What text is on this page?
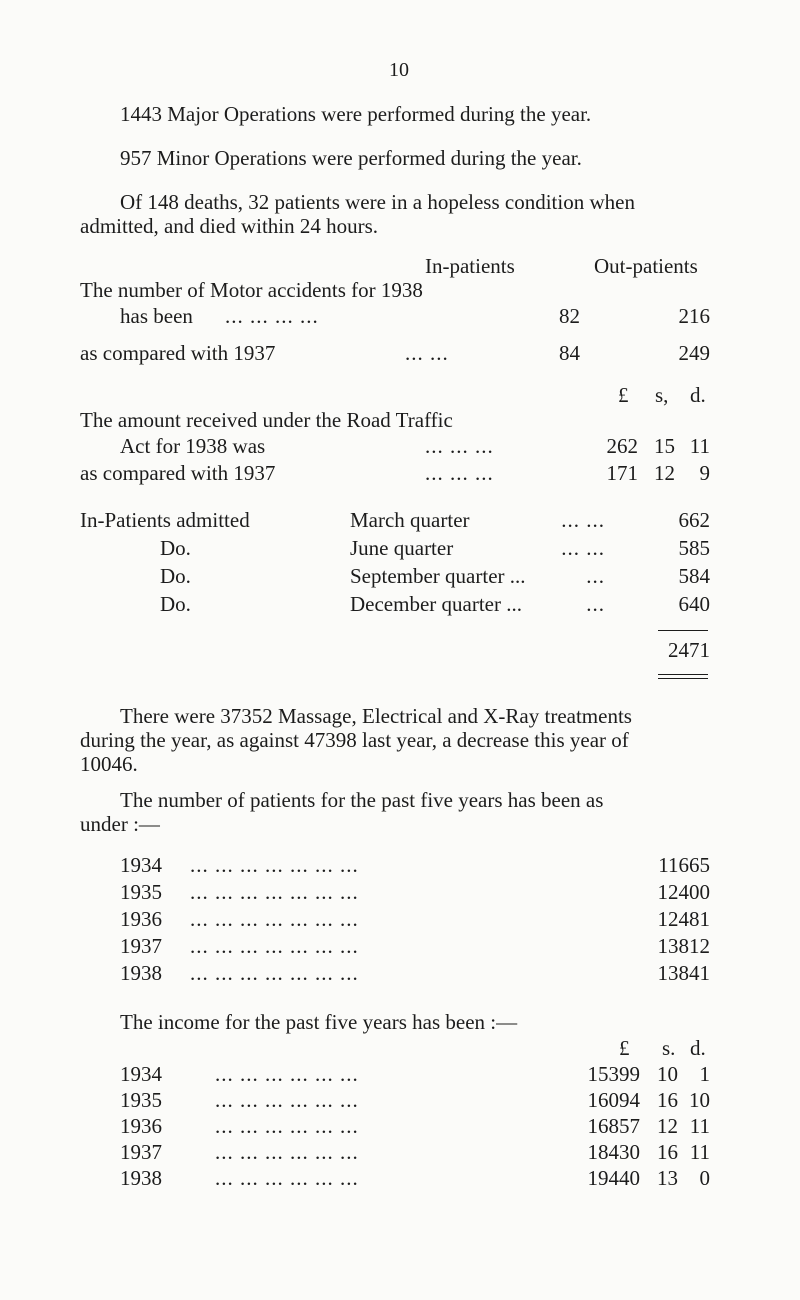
10
1443 Major Operations were performed during the year.
957 Minor Operations were performed during the year.
Of 148 deaths, 32 patients were in a hopeless condition when
admitted, and died within 24 hours.
In-patients	Out-patients
The number of Motor accidents for 1938
has been ... ... ... ...	82	216
as compared with 1937	... ...	84	249
£ s, d.
The amount received under the Road Traffic
Act for 1938 was	... ... ...	262 15 11
as compared with 1937	... ... ...	171 12	9
In-Patients admitted	March quarter	... ...	662
Do.	June quarter	... ...	585
Do.	September quarter ...	...	584
Do.	December quarter ...	...	640
2471
There were 37352 Massage, Electrical and X-Ray treatments
during the year, as against 47398 last year, a decrease this year of
10046.
The number of patients for the past five years has been as
under :—
1934 ... ... ... ... ... ... ...	11665
1935 ... ... ... ... ... ... ...	12400
1936 ... ... ... ... ... ... ...	12481
1937 ... ... ... ... ... ... ...	13812
1938 ... ... ... ... ... ... ...	13841
The income for the past five years has been :—
£ s. d.
1934	... ... ... ... ... ...	15399 10	1
1935	... ... ... ... ... ...	16094 16 10
1936	... ... ... ... ... ...	16857 12 11
1937	... ... ... ... ... ...	18430 16 11
1938	... ... ... ... ... ...	19440 13	0
